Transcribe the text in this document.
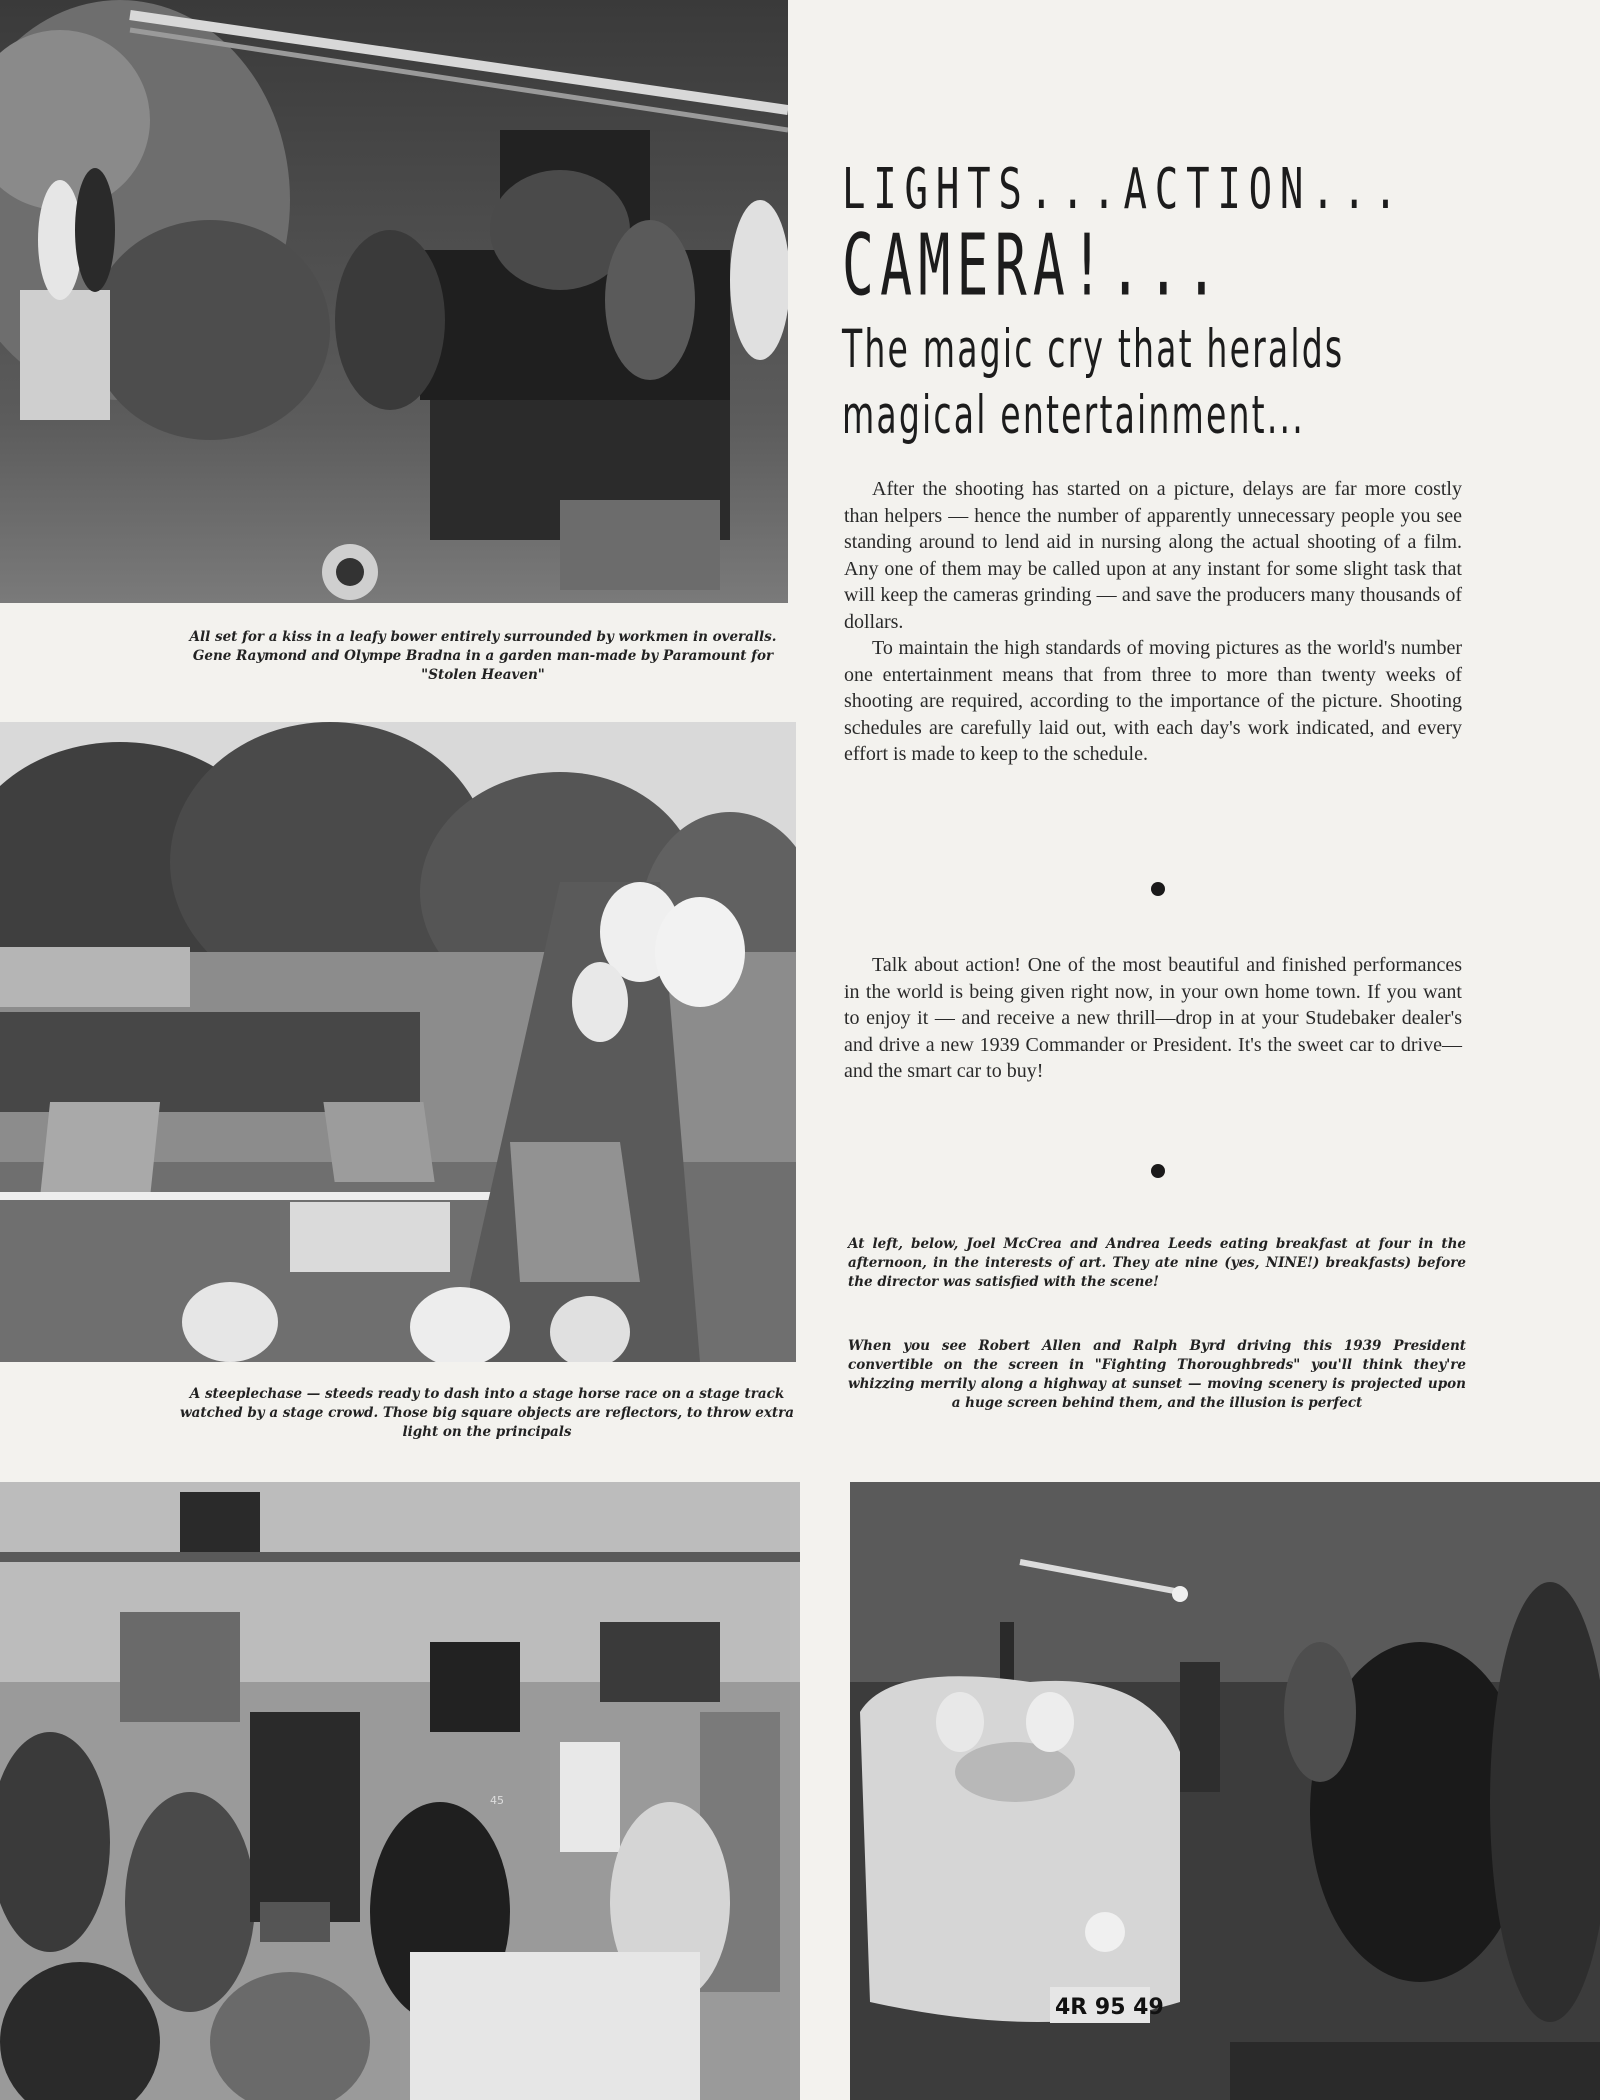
All set for a kiss in a leafy bower entirely surrounded by workmen in overalls. Gene Raymond and Olympe Bradna in a garden man-made by Paramount for "Stolen Heaven"
A steeplechase — steeds ready to dash into a stage horse race on a stage track watched by a stage crowd. Those big square objects are reflectors, to throw extra light on the principals
45
4R 95 49
LIGHTS...ACTION...
CAMERA!...
The magic cry that heralds
magical entertainment...

After the shooting has started on a picture, delays are far more costly than helpers — hence the number of apparently unnecessary people you see standing around to lend aid in nursing along the actual shooting of a film. Any one of them may be called upon at any instant for some slight task that will keep the cameras grinding — and save the producers many thousands of dollars.

To maintain the high standards of moving pictures as the world's number one entertainment means that from three to more than twenty weeks of shooting are required, according to the importance of the picture. Shooting schedules are carefully laid out, with each day's work indicated, and every effort is made to keep to the schedule.

Talk about action! One of the most beautiful and finished performances in the world is being given right now, in your own home town. If you want to enjoy it — and receive a new thrill—drop in at your Studebaker dealer's and drive a new 1939 Commander or President. It's the sweet car to drive—and the smart car to buy!

At left, below, Joel McCrea and Andrea Leeds eating breakfast at four in the afternoon, in the interests of art. They ate nine (yes, NINE!) breakfasts) before the director was satisfied with the scene!
When you see Robert Allen and Ralph Byrd driving this 1939 President convertible on the screen in "Fighting Thoroughbreds" you'll think they're whizzing merrily along a highway at sunset — moving scenery is projected upon a huge screen behind them, and the illusion is perfect
